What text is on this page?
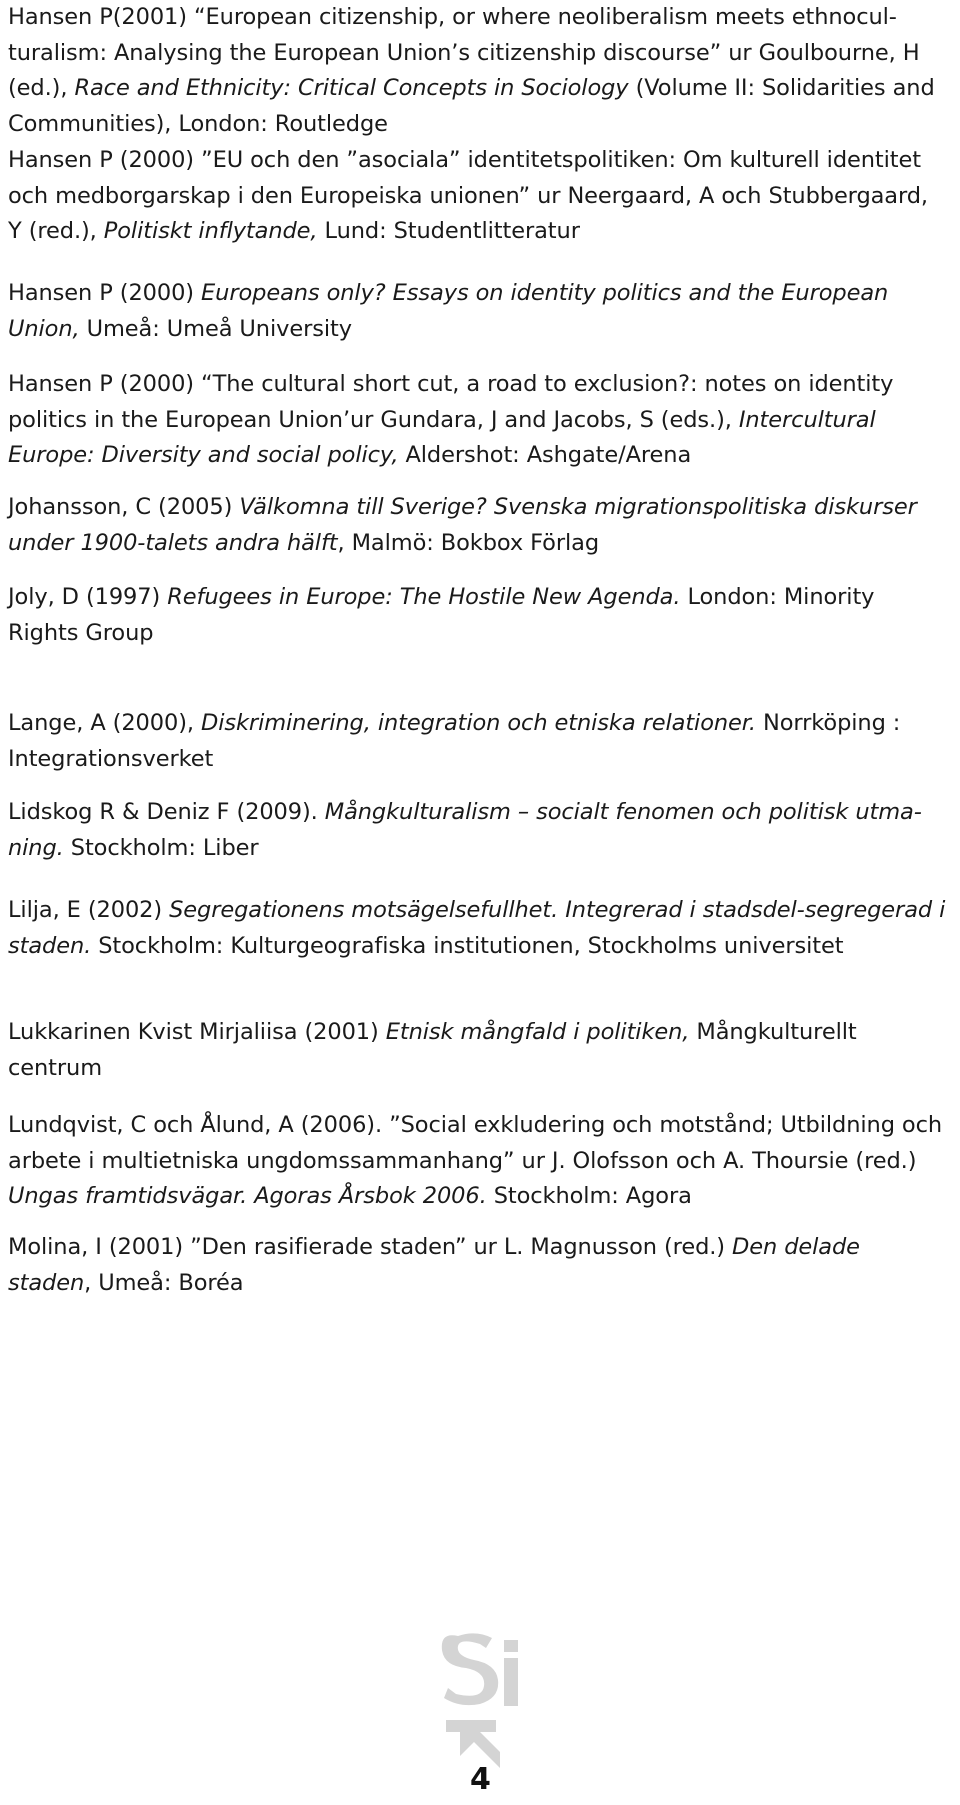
Hansen P(2001) “European citizenship, or where neoliberalism meets ethnocul-turalism: Analysing the European Union’s citizenship discourse” ur Goulbourne, H (ed.), Race and Ethnicity: Critical Concepts in Sociology (Volume II: Solidarities and Communities), London: Routledge

Hansen P (2000) ”EU och den ”asociala” identitetspolitiken: Om kulturell identitet och medborgarskap i den Europeiska unionen” ur Neergaard, A och Stubbergaard, Y (red.), Politiskt inflytande, Lund: Studentlitteratur

Hansen P (2000) Europeans only? Essays on identity politics and the European Union, Umeå: Umeå University

Hansen P (2000) “The cultural short cut, a road to exclusion?: notes on identity politics in the European Union’ur Gundara, J and Jacobs, S (eds.), Intercultural Europe: Diversity and social policy, Aldershot: Ashgate/Arena

Johansson, C (2005) Välkomna till Sverige? Svenska migrationspolitiska diskurser under 1900-talets andra hälft, Malmö: Bokbox Förlag

Joly, D (1997) Refugees in Europe: The Hostile New Agenda. London: Minority Rights Group

Lange, A (2000), Diskriminering, integration och etniska relationer. Norrköping : Integrationsverket

Lidskog R & Deniz F (2009). Mångkulturalism – socialt fenomen och politisk utma-ning. Stockholm: Liber

Lilja, E (2002) Segregationens motsägelsefullhet. Integrerad i stadsdel-segregerad i staden. Stockholm: Kulturgeografiska institutionen, Stockholms universitet

Lukkarinen Kvist Mirjaliisa (2001) Etnisk mångfald i politiken, Mångkulturellt centrum

Lundqvist, C och Ålund, A (2006). ”Social exkludering och motstånd; Utbildning och arbete i multietniska ungdomssammanhang” ur J. Olofsson och A. Thoursie (red.) Ungas framtidsvägar. Agoras Årsbok 2006. Stockholm: Agora

Molina, I (2001) ”Den rasifierade staden” ur L. Magnusson (red.) Den delade staden, Umeå: Boréa

4
